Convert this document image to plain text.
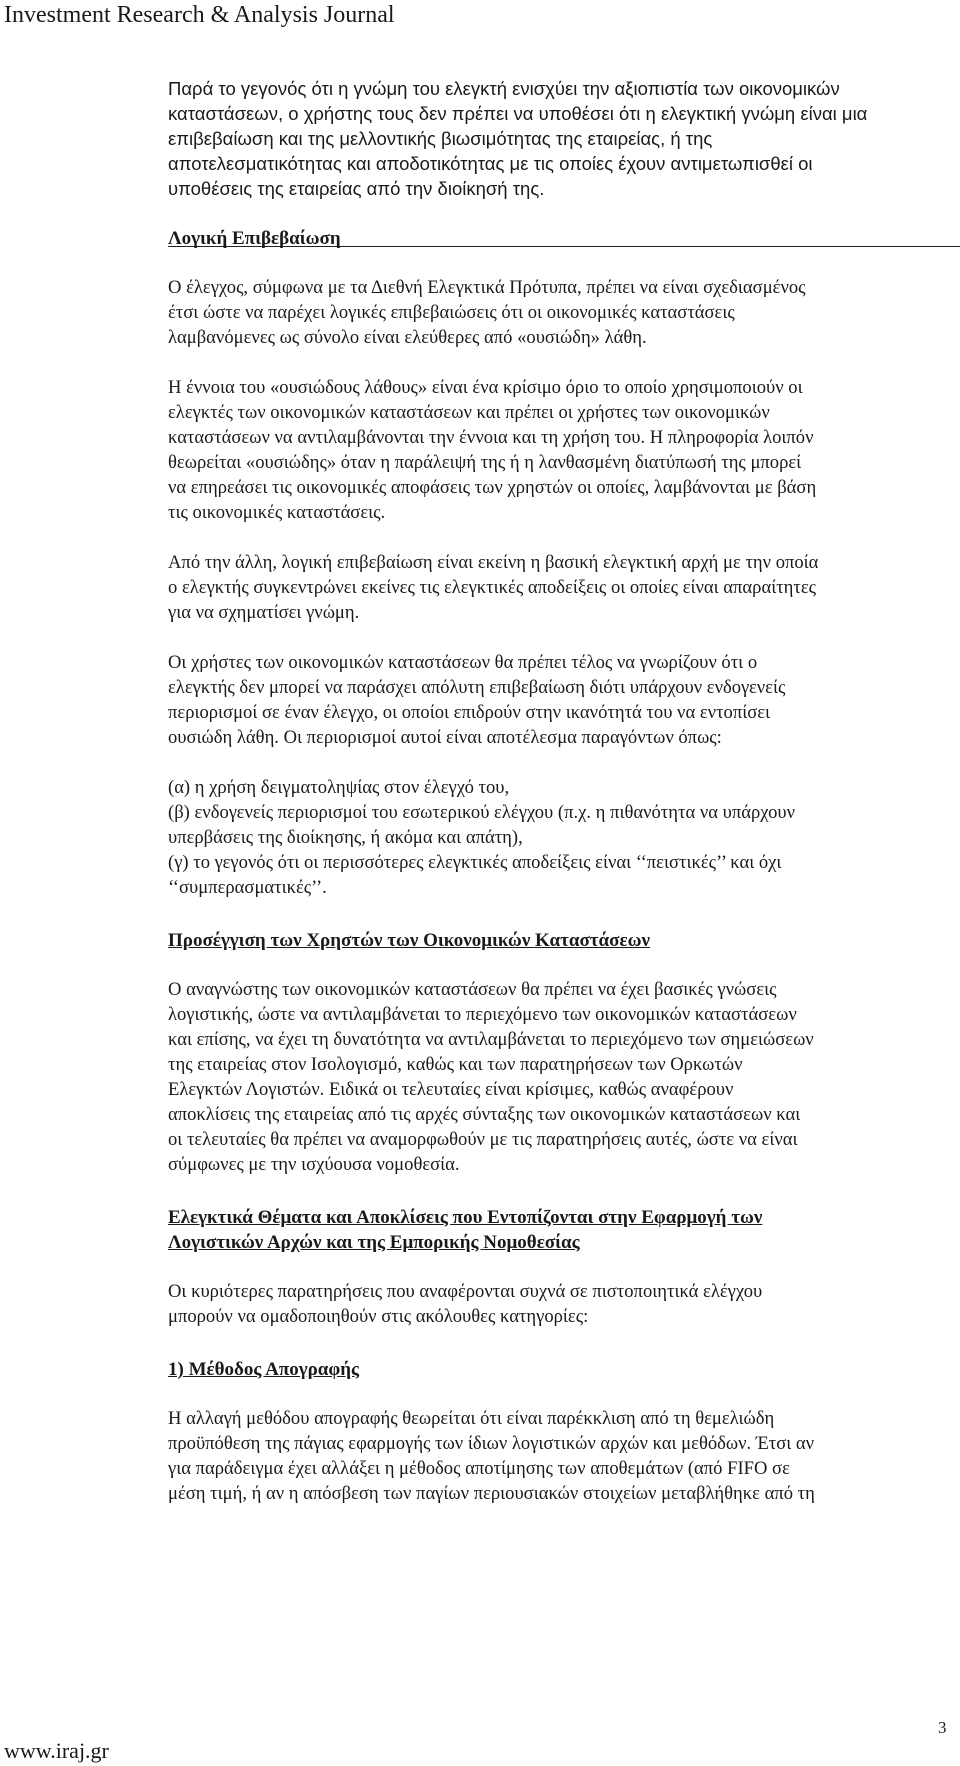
Investment Research & Analysis Journal
Παρά το γεγονός ότι η γνώμη του ελεγκτή ενισχύει την αξιοπιστία των οικονομικών
καταστάσεων, ο χρήστης τους δεν πρέπει να υποθέσει ότι η ελεγκτική γνώμη είναι μια
επιβεβαίωση και της μελλοντικής βιωσιμότητας της εταιρείας, ή της
αποτελεσματικότητας και αποδοτικότητας με τις οποίες έχουν αντιμετωπισθεί οι
υποθέσεις της εταιρείας από την διοίκησή της.
Λογική Επιβεβαίωση
Ο έλεγχος, σύμφωνα με τα Διεθνή Ελεγκτικά Πρότυπα, πρέπει να είναι σχεδιασμένος
έτσι ώστε να παρέχει λογικές επιβεβαιώσεις ότι οι οικονομικές καταστάσεις
λαμβανόμενες ως σύνολο είναι ελεύθερες από «ουσιώδη» λάθη.
Η έννοια του «ουσιώδους λάθους» είναι ένα κρίσιμο όριο το οποίο χρησιμοποιούν οι
ελεγκτές των οικονομικών καταστάσεων και πρέπει οι χρήστες των οικονομικών
καταστάσεων να αντιλαμβάνονται την έννοια και τη χρήση του. Η πληροφορία λοιπόν
θεωρείται «ουσιώδης» όταν η παράλειψή της ή η λανθασμένη διατύπωσή της μπορεί
να επηρεάσει τις οικονομικές αποφάσεις των χρηστών οι οποίες, λαμβάνονται με βάση
τις οικονομικές καταστάσεις.
Από την άλλη, λογική επιβεβαίωση είναι εκείνη η βασική ελεγκτική αρχή με την οποία
ο ελεγκτής συγκεντρώνει εκείνες τις ελεγκτικές αποδείξεις οι οποίες είναι απαραίτητες
για να σχηματίσει γνώμη.
Οι χρήστες των οικονομικών καταστάσεων θα πρέπει τέλος να γνωρίζουν ότι ο
ελεγκτής δεν μπορεί να παράσχει απόλυτη επιβεβαίωση διότι υπάρχουν ενδογενείς
περιορισμοί σε έναν έλεγχο, οι οποίοι επιδρούν στην ικανότητά του να εντοπίσει
ουσιώδη λάθη. Οι περιορισμοί αυτοί είναι αποτέλεσμα παραγόντων όπως:
(α) η χρήση δειγματοληψίας στον έλεγχό του,
(β) ενδογενείς περιορισμοί του εσωτερικού ελέγχου (π.χ. η πιθανότητα να υπάρχουν
υπερβάσεις της διοίκησης, ή ακόμα και απάτη),
(γ) το γεγονός ότι οι περισσότερες ελεγκτικές αποδείξεις είναι ‘‘πειστικές’’ και όχι
‘‘συμπερασματικές’’.
Προσέγγιση των Χρηστών των Οικονομικών Καταστάσεων
Ο αναγνώστης των οικονομικών καταστάσεων θα πρέπει να έχει βασικές γνώσεις
λογιστικής, ώστε να αντιλαμβάνεται το περιεχόμενο των οικονομικών καταστάσεων
και επίσης, να έχει τη δυνατότητα να αντιλαμβάνεται το περιεχόμενο των σημειώσεων
της εταιρείας στον Ισολογισμό, καθώς και των παρατηρήσεων των Ορκωτών
Ελεγκτών Λογιστών. Ειδικά οι τελευταίες είναι κρίσιμες, καθώς αναφέρουν
αποκλίσεις της εταιρείας από τις αρχές σύνταξης των οικονομικών καταστάσεων και
οι τελευταίες θα πρέπει να αναμορφωθούν με τις παρατηρήσεις αυτές, ώστε να είναι
σύμφωνες με την ισχύουσα νομοθεσία.
Ελεγκτικά Θέματα και Αποκλίσεις που Εντοπίζονται στην Εφαρμογή των
Λογιστικών Αρχών και της Εμπορικής Νομοθεσίας
Οι κυριότερες παρατηρήσεις που αναφέρονται συχνά σε πιστοποιητικά ελέγχου
μπορούν να ομαδοποιηθούν στις ακόλουθες κατηγορίες:
1) Μέθοδος Απογραφής
Η αλλαγή μεθόδου απογραφής θεωρείται ότι είναι παρέκκλιση από τη θεμελιώδη
προϋπόθεση της πάγιας εφαρμογής των ίδιων λογιστικών αρχών και μεθόδων. Έτσι αν
για παράδειγμα έχει αλλάξει η μέθοδος αποτίμησης των αποθεμάτων (από FIFO σε
μέση τιμή, ή αν η απόσβεση των παγίων περιουσιακών στοιχείων μεταβλήθηκε από τη
3
www.iraj.gr
